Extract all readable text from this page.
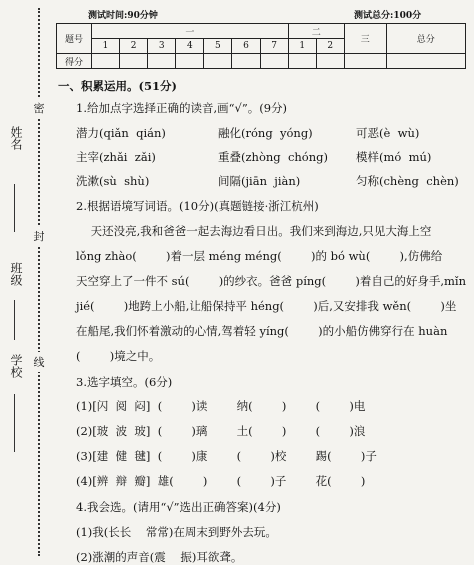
姓名
班级
学校
密
封
线
测试时间:90分钟	测试总分:100分
题号	一							二		三	总分
	1	2	3	4	5	6	7	1	2		
得分											
一、积累运用。(51分)
1.给加点字选择正确的读音,画“√”。(9分)
潜力(qiǎn  qián)	融化(róng  yóng)	可恶(è  wù)
主宰(zhǎi  zǎi)	重叠(zhòng  chóng) 模样(mó  mú)
洗漱(sù  shù)	间隔(jiān  jiàn)	匀称(chèng  chèn)
2.根据语境写词语。(10分)(真题链接·浙江杭州)
天还没亮,我和爸爸一起去海边看日出。我们来到海边,只见大海上空
lǒng zhào(        )着一层 méng méng(        )的 bó wù(        ),仿佛给
天空穿上了一件不 sú(        )的纱衣。爸爸 píng(        )着自己的好身手,mǐn
jié(        )地跨上小船,让船保持平 héng(        )后,又安排我 wěn(        )坐
在船尾,我们怀着激动的心情,驾着轻 yíng(        )的小船仿佛穿行在 huàn
(        )境之中。
3.选字填空。(6分)
(1)[闪  阅  闷]  (        )读        纳(        )        (        )电
(2)[玻  波  玻]  (        )璃        土(        )        (        )浪
(3)[建  健  毽]  (        )康        (        )校        踢(        )子
(4)[辨  辩  瓣]  雄(        )        (        )子        花(        )
4.我会选。(请用“√”选出正确答案)(4分)
(1)我(长长    常常)在周末到野外去玩。
(2)涨潮的声音(震    振)耳欲聋。
